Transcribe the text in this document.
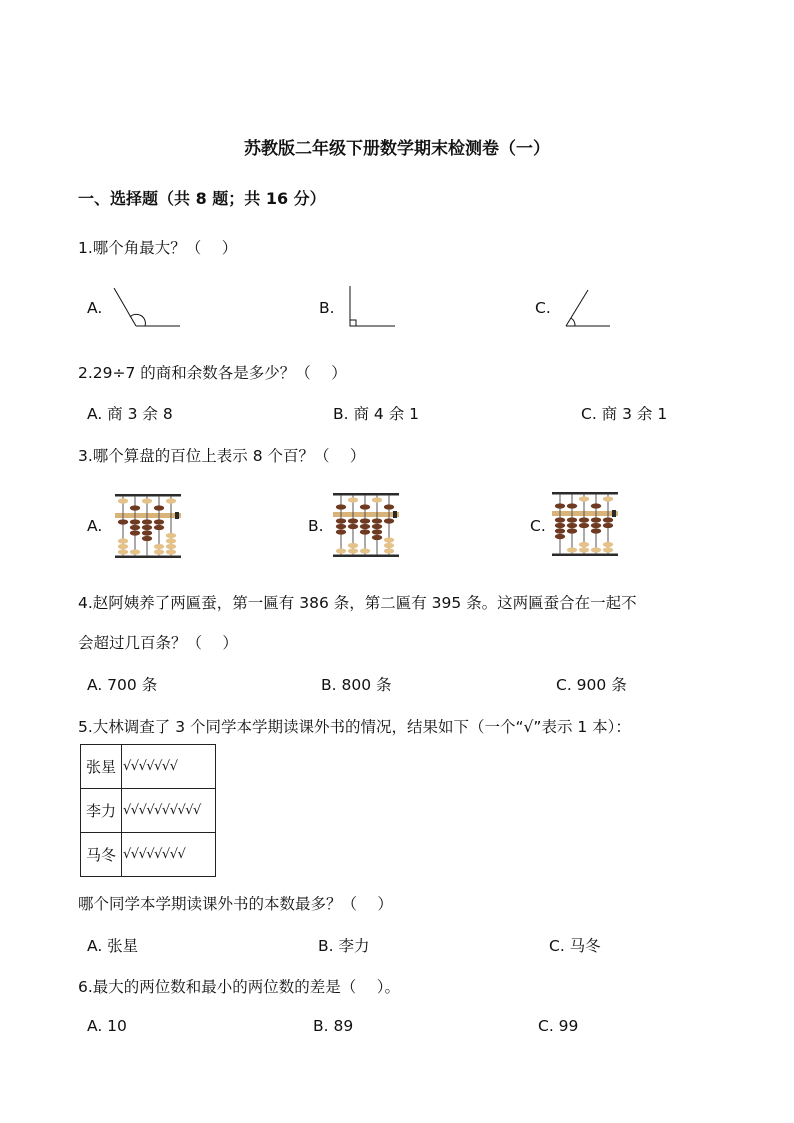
苏教版二年级下册数学期末检测卷（一）
一、选择题（共 8 题；共 16 分）
1.哪个角最大？（　 ）
A.	B.	C.
2.29÷7 的商和余数各是多少？（　 ）
A. 商 3 余 8	B. 商 4 余 1	C. 商 3 余 1
3.哪个算盘的百位上表示 8 个百？（　 ）
A.	B.	C.
4.赵阿姨养了两匾蚕，第一匾有 386 条，第二匾有 395 条。这两匾蚕合在一起不
会超过几百条？（　 ）
A. 700 条	B. 800 条	C. 900 条
5.大林调查了 3 个同学本学期读课外书的情况，结果如下（一个“√”表示 1 本）：
张星	√√√√√√√
李力	√√√√√√√√√√
马冬	√√√√√√√√
哪个同学本学期读课外书的本数最多？（　 ）
A. 张星	B. 李力	C. 马冬
6.最大的两位数和最小的两位数的差是（　 ）。
A. 10	B. 89	C. 99
